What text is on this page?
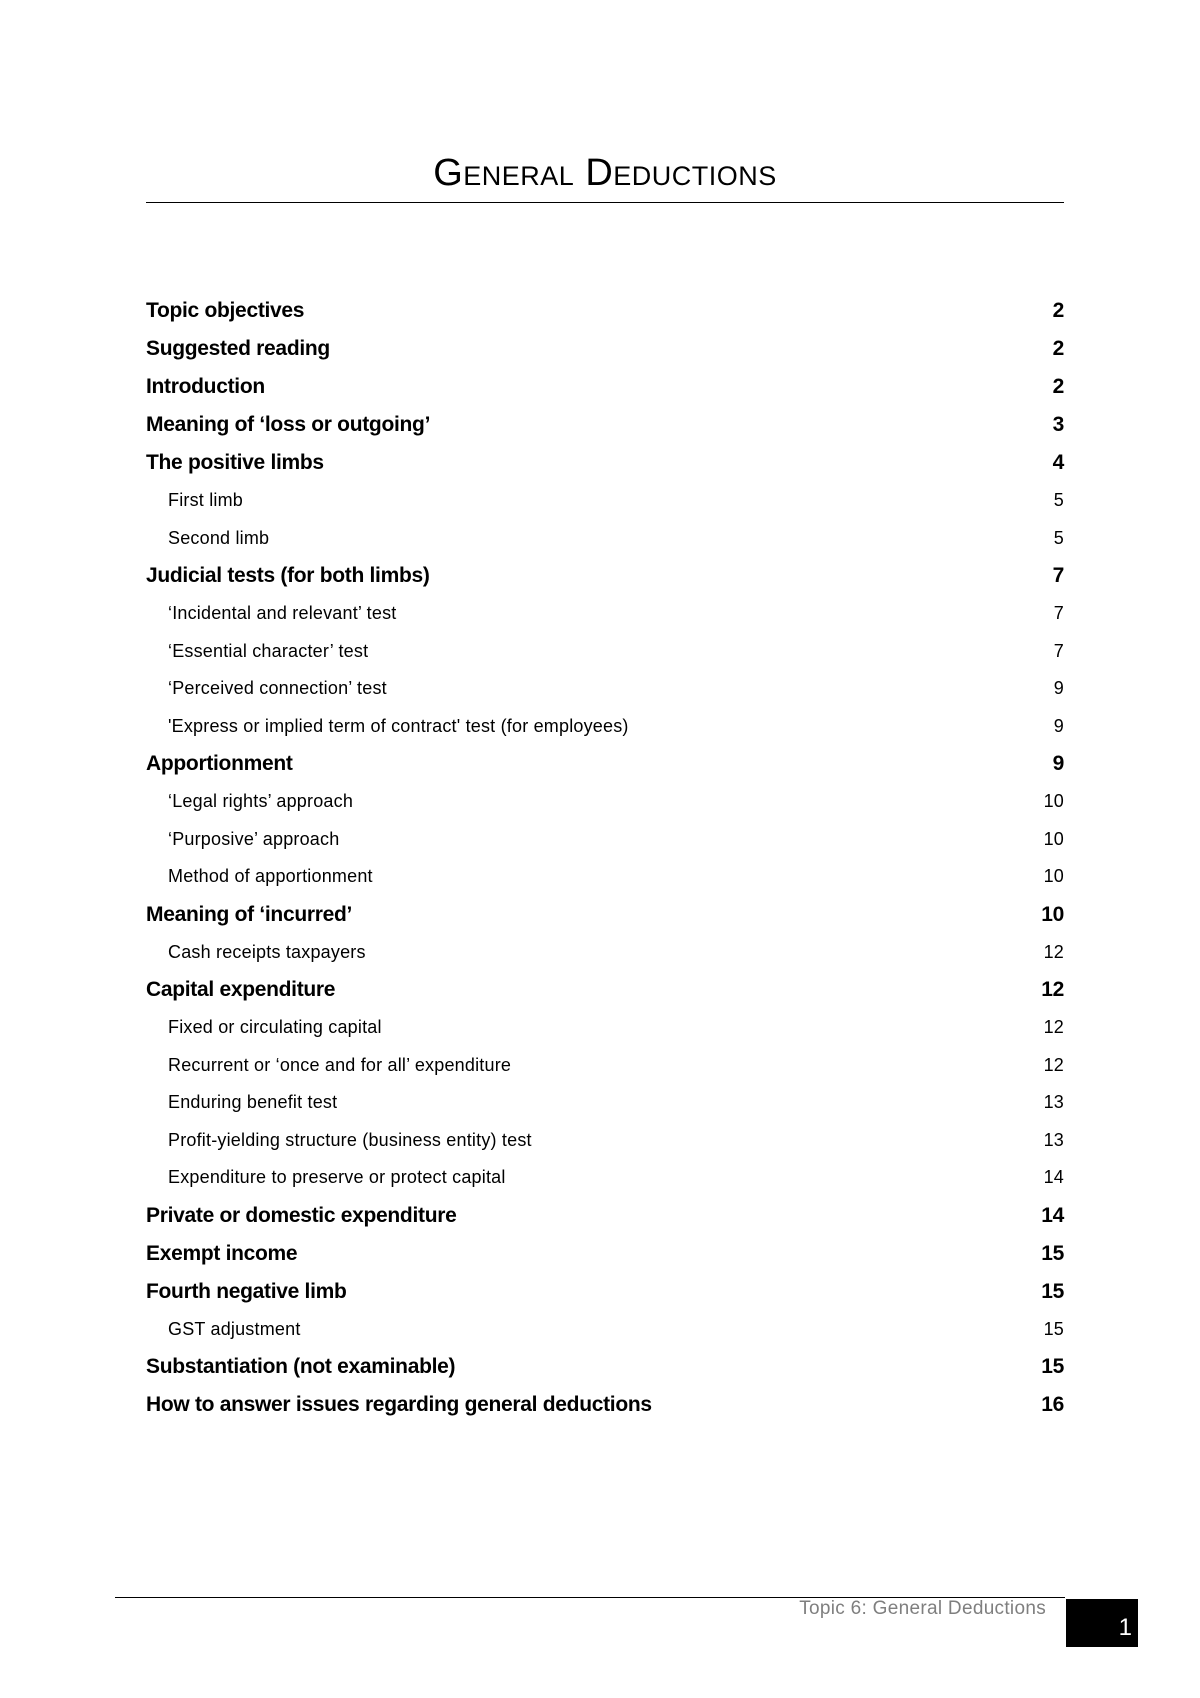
General Deductions
Topic objectives	2
Suggested reading	2
Introduction	2
Meaning of ‘loss or outgoing’	3
The positive limbs	4
First limb	5
Second limb	5
Judicial tests (for both limbs)	7
‘Incidental and relevant’ test	7
‘Essential character’ test	7
‘Perceived connection’ test	9
'Express or implied term of contract' test (for employees)	9
Apportionment	9
‘Legal rights’ approach	10
‘Purposive’ approach	10
Method of apportionment	10
Meaning of ‘incurred’	10
Cash receipts taxpayers	12
Capital expenditure	12
Fixed or circulating capital	12
Recurrent or ‘once and for all’ expenditure	12
Enduring benefit test	13
Profit-yielding structure (business entity) test	13
Expenditure to preserve or protect capital	14
Private or domestic expenditure	14
Exempt income	15
Fourth negative limb	15
GST adjustment	15
Substantiation (not examinable)	15
How to answer issues regarding general deductions	16
Topic 6: General Deductions
1
